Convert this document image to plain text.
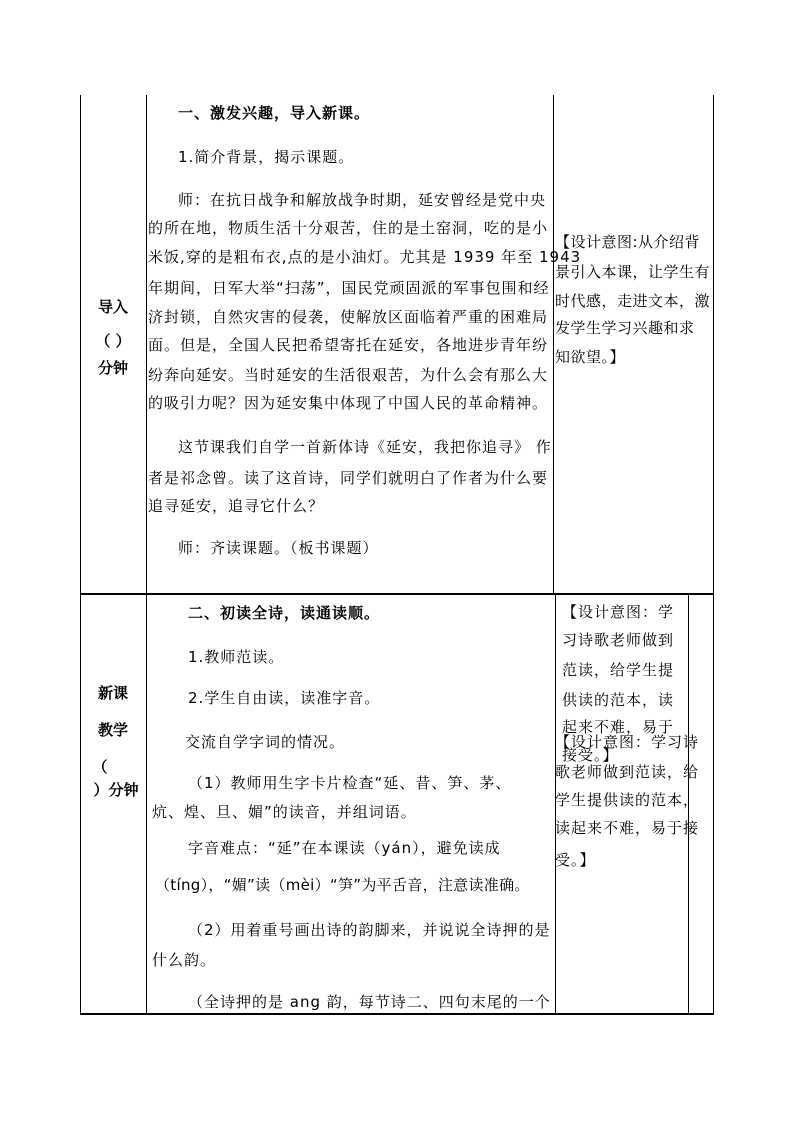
导入
（ ）
分钟
一、激发兴趣，导入新课。
1.简介背景，揭示课题。
师：在抗日战争和解放战争时期，延安曾经是党中央
的所在地，物质生活十分艰苦，住的是土窑洞，吃的是小
米饭,穿的是粗布衣,点的是小油灯。尤其是 1939 年至 1943
年期间，日军大举“扫荡”，国民党顽固派的军事包围和经
济封锁，自然灾害的侵袭，使解放区面临着严重的困难局
面。但是，全国人民把希望寄托在延安，各地进步青年纷
纷奔向延安。当时延安的生活很艰苦，为什么会有那么大
的吸引力呢？因为延安集中体现了中国人民的革命精神。
这节课我们自学一首新体诗《延安，我把你追寻》 作
者是祁念曾。读了这首诗，同学们就明白了作者为什么要
追寻延安，追寻它什么？
师：齐读课题。（板书课题）
【设计意图:从介绍背
景引入本课，让学生有
时代感，走进文本，激
发学生学习兴趣和求
知欲望。】
新课
教学
（
）分钟
二、初读全诗，读通读顺。
1.教师范读。
2.学生自由读，读准字音。
交流自学字词的情况。
（1）教师用生字卡片检查“延、昔、笋、茅、
炕、煌、旦、媚”的读音，并组词语。
字音难点：“延”在本课读（yán），避免读成
（tíng），“媚”读（mèi）“笋”为平舌音，注意读准确。
（2）用着重号画出诗的韵脚来，并说说全诗押的是
什么韵。
（全诗押的是 ang 韵，每节诗二、四句末尾的一个
【设计意图：学
习诗歌老师做到
范读，给学生提
供读的范本，读
起来不难，易于
接受。】
【设计意图：学习诗
歌老师做到范读，给
学生提供读的范本，
读起来不难，易于接
受。】
